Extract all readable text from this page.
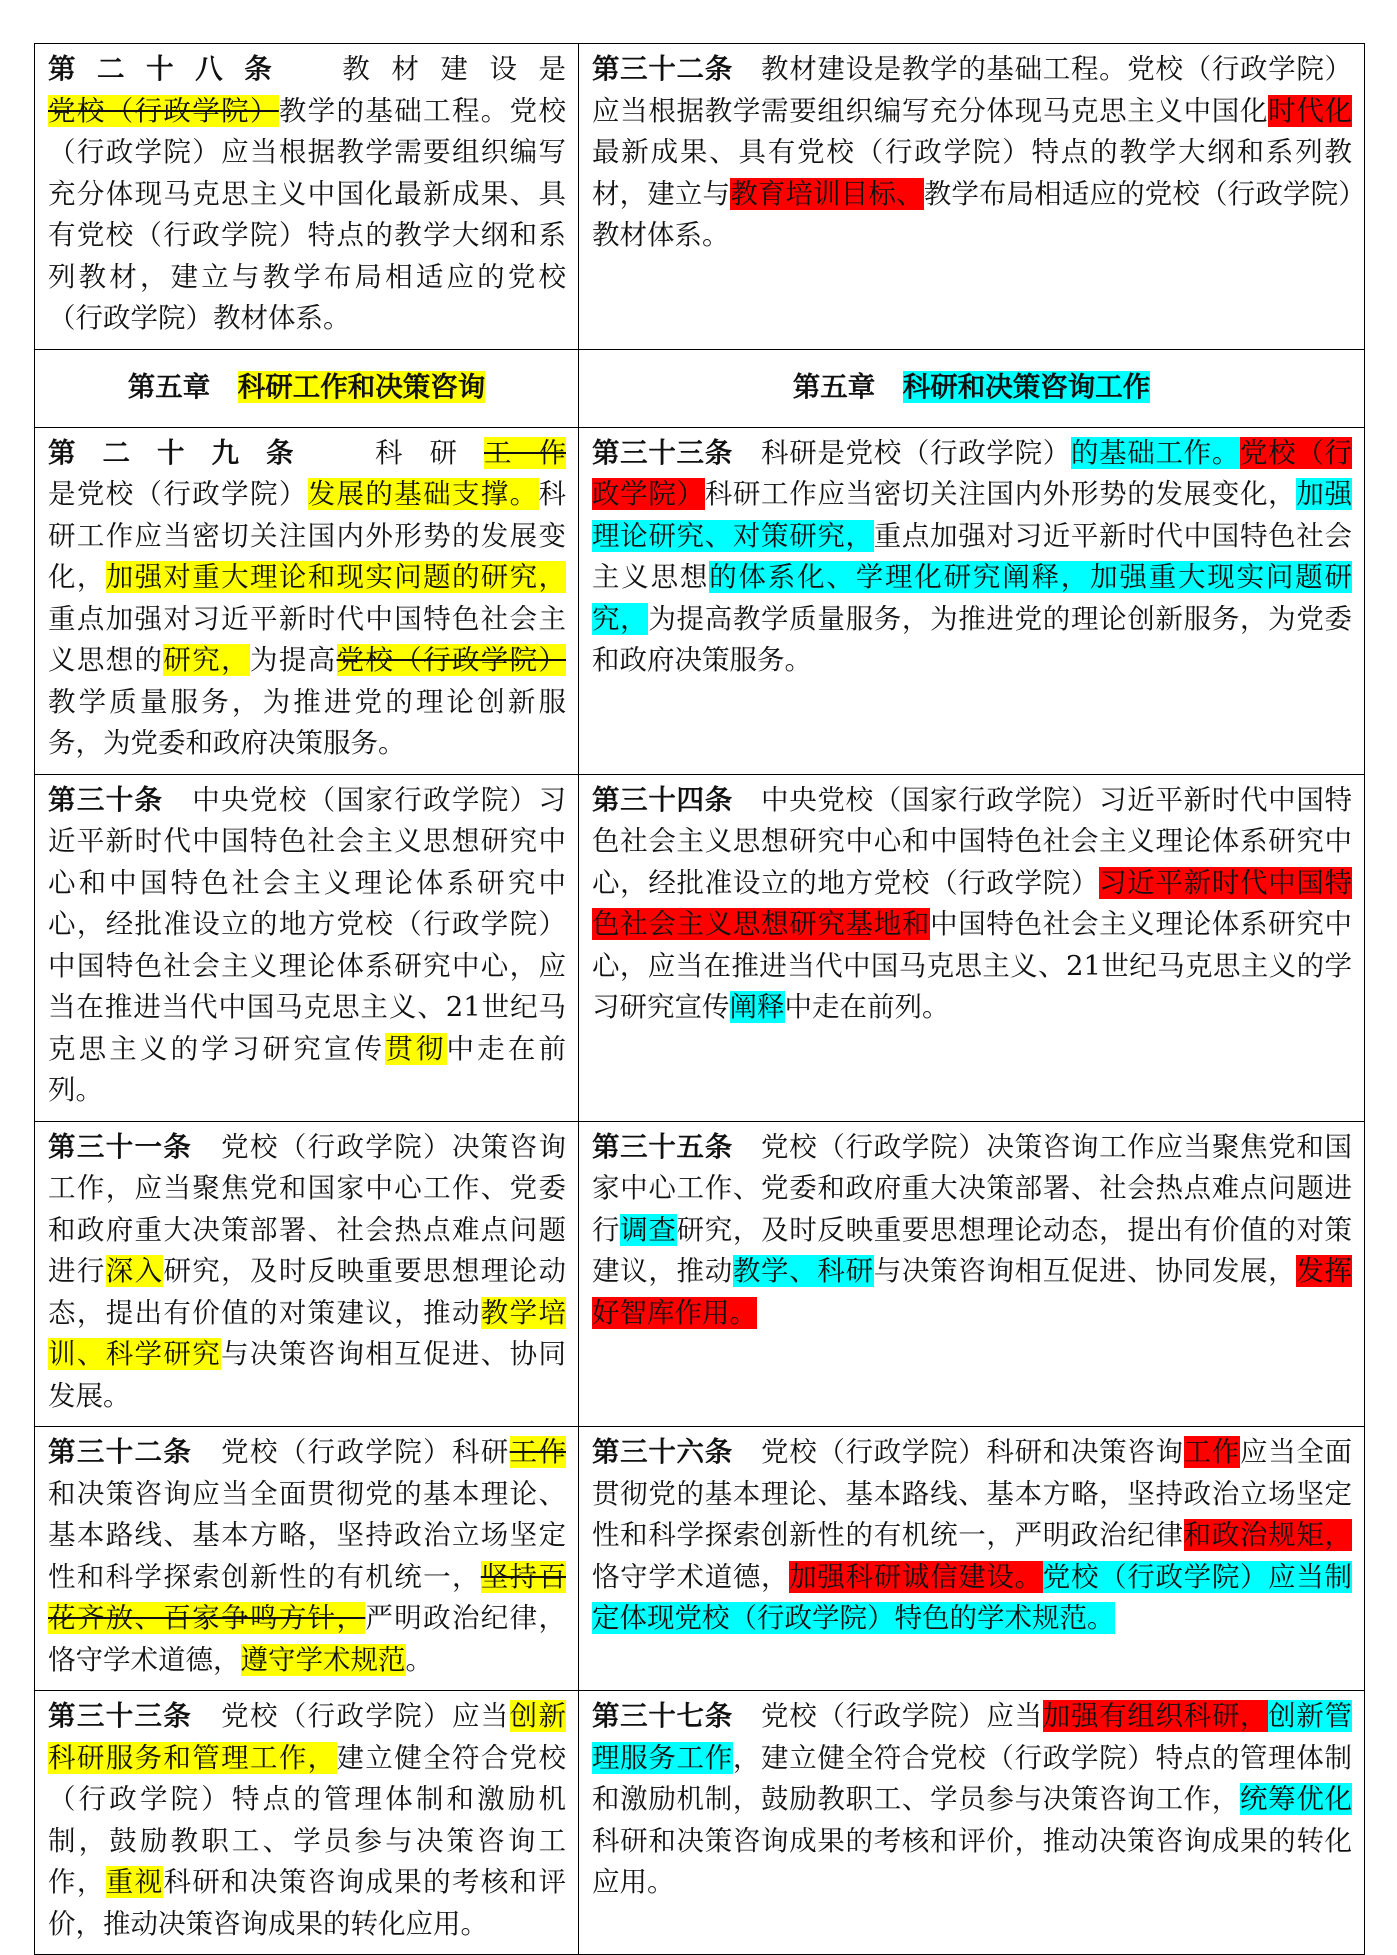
第二十八条　教材建设是党校（行政学院）教学的基础工程。党校（行政学院）应当根据教学需要组织编写充分体现马克思主义中国化最新成果、具有党校（行政学院）特点的教学大纲和系列教材，建立与教学布局相适应的党校（行政学院）教材体系。	第三十二条　教材建设是教学的基础工程。党校（行政学院）应当根据教学需要组织编写充分体现马克思主义中国化时代化最新成果、具有党校（行政学院）特点的教学大纲和系列教材，建立与教育培训目标、教学布局相适应的党校（行政学院）教材体系。
第五章　科研工作和决策咨询	第五章　科研和决策咨询工作
第二十九条　科研工作是党校（行政学院）发展的基础支撑。科研工作应当密切关注国内外形势的发展变化，加强对重大理论和现实问题的研究，重点加强对习近平新时代中国特色社会主义思想的研究，为提高党校（行政学院）教学质量服务，为推进党的理论创新服务，为党委和政府决策服务。	第三十三条　科研是党校（行政学院）的基础工作。党校（行政学院）科研工作应当密切关注国内外形势的发展变化，加强理论研究、对策研究，重点加强对习近平新时代中国特色社会主义思想的体系化、学理化研究阐释，加强重大现实问题研究，为提高教学质量服务，为推进党的理论创新服务，为党委和政府决策服务。
第三十条　中央党校（国家行政学院）习近平新时代中国特色社会主义思想研究中心和中国特色社会主义理论体系研究中心，经批准设立的地方党校（行政学院）中国特色社会主义理论体系研究中心，应当在推进当代中国马克思主义、21世纪马克思主义的学习研究宣传贯彻中走在前列。	第三十四条　中央党校（国家行政学院）习近平新时代中国特色社会主义思想研究中心和中国特色社会主义理论体系研究中心，经批准设立的地方党校（行政学院）习近平新时代中国特色社会主义思想研究基地和中国特色社会主义理论体系研究中心，应当在推进当代中国马克思主义、21世纪马克思主义的学习研究宣传阐释中走在前列。
第三十一条　党校（行政学院）决策咨询工作，应当聚焦党和国家中心工作、党委和政府重大决策部署、社会热点难点问题进行深入研究，及时反映重要思想理论动态，提出有价值的对策建议，推动教学培训、科学研究与决策咨询相互促进、协同发展。	第三十五条　党校（行政学院）决策咨询工作应当聚焦党和国家中心工作、党委和政府重大决策部署、社会热点难点问题进行调查研究，及时反映重要思想理论动态，提出有价值的对策建议，推动教学、科研与决策咨询相互促进、协同发展，发挥好智库作用。
第三十二条　党校（行政学院）科研工作和决策咨询应当全面贯彻党的基本理论、基本路线、基本方略，坚持政治立场坚定性和科学探索创新性的有机统一，坚持百花齐放、百家争鸣方针，严明政治纪律，恪守学术道德，遵守学术规范。	第三十六条　党校（行政学院）科研和决策咨询工作应当全面贯彻党的基本理论、基本路线、基本方略，坚持政治立场坚定性和科学探索创新性的有机统一，严明政治纪律和政治规矩，恪守学术道德，加强科研诚信建设。党校（行政学院）应当制定体现党校（行政学院）特色的学术规范。
第三十三条　党校（行政学院）应当创新科研服务和管理工作，建立健全符合党校（行政学院）特点的管理体制和激励机制，鼓励教职工、学员参与决策咨询工作，重视科研和决策咨询成果的考核和评价，推动决策咨询成果的转化应用。	第三十七条　党校（行政学院）应当加强有组织科研，创新管理服务工作，建立健全符合党校（行政学院）特点的管理体制和激励机制，鼓励教职工、学员参与决策咨询工作，统筹优化科研和决策咨询成果的考核和评价，推动决策咨询成果的转化应用。
